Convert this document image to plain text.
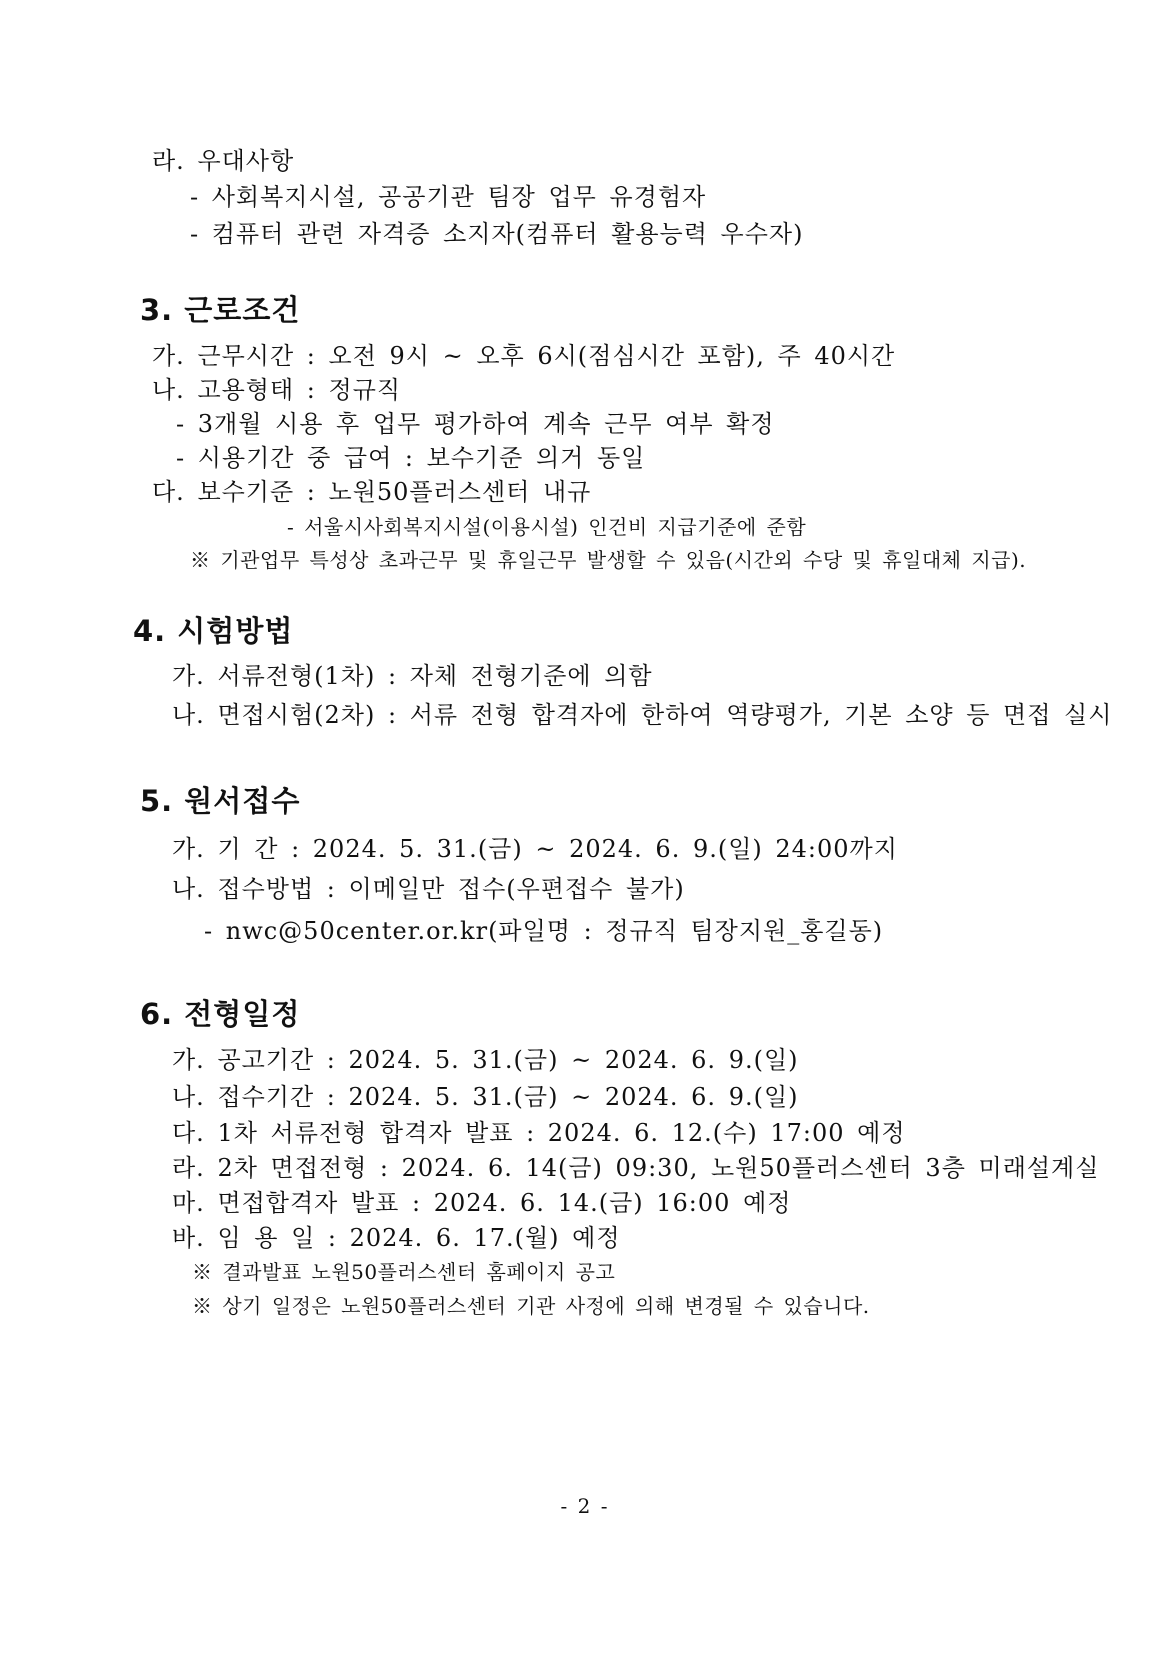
라. 우대사항
- 사회복지시설, 공공기관 팀장 업무 유경험자
- 컴퓨터 관련 자격증 소지자(컴퓨터 활용능력 우수자)
3. 근로조건
가. 근무시간 : 오전 9시 ~ 오후 6시(점심시간 포함), 주 40시간
나. 고용형태 : 정규직
- 3개월 시용 후 업무 평가하여 계속 근무 여부 확정
- 시용기간 중 급여 : 보수기준 의거 동일
다. 보수기준 : 노원50플러스센터 내규
- 서울시사회복지시설(이용시설) 인건비 지급기준에 준함
※ 기관업무 특성상 초과근무 및 휴일근무 발생할 수 있음(시간외 수당 및 휴일대체 지급).
4. 시험방법
가. 서류전형(1차) : 자체 전형기준에 의함
나. 면접시험(2차) : 서류 전형 합격자에 한하여 역량평가, 기본 소양 등 면접 실시
5. 원서접수
가. 기 간 : 2024. 5. 31.(금) ~ 2024. 6. 9.(일) 24:00까지
나. 접수방법 : 이메일만 접수(우편접수 불가)
- nwc@50center.or.kr(파일명 : 정규직 팀장지원_홍길동)
6. 전형일정
가. 공고기간 : 2024. 5. 31.(금) ~ 2024. 6. 9.(일)
나. 접수기간 : 2024. 5. 31.(금) ~ 2024. 6. 9.(일)
다. 1차 서류전형 합격자 발표 : 2024. 6. 12.(수) 17:00 예정
라. 2차 면접전형 : 2024. 6. 14(금) 09:30, 노원50플러스센터 3층 미래설계실
마. 면접합격자 발표 : 2024. 6. 14.(금) 16:00 예정
바. 임 용 일 : 2024. 6. 17.(월) 예정
※ 결과발표 노원50플러스센터 홈페이지 공고
※ 상기 일정은 노원50플러스센터 기관 사정에 의해 변경될 수 있습니다.
- 2 -
